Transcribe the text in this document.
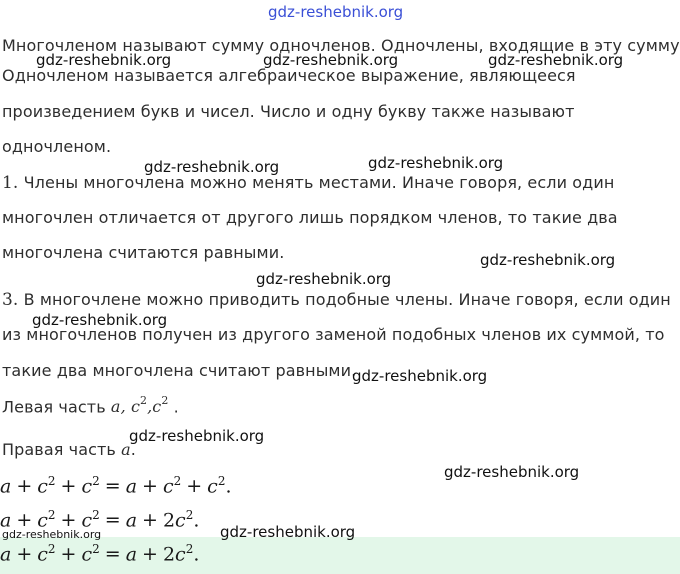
gdz-reshebnik.org
Многочленом называют сумму одночленов. Одночлены, входящие в эту сумму
Одночленом называется алгебраическое выражение, являющееся
произведением букв и чисел. Число и одну букву также называют
одночленом.
1. Члены многочлена можно менять местами. Иначе говоря, если один
многочлен отличается от другого лишь порядком членов, то такие два
многочлена считаются равными.
3. В многочлене можно приводить подобные члены. Иначе говоря, если один
из многочленов получен из другого заменой подобных членов их суммой, то
такие два многочлена считают равными.
Левая часть a, $c^2,c^2$ .
Правая часть a.
$a + c^2 + c^2 = a + c^2 + c^2$.
$a + c^2 + c^2 = a + 2c^2$.
$a + c^2 + c^2 = a + 2c^2$.
gdz-reshebnik.org	gdz-reshebnik.org	gdz-reshebnik.org
gdz-reshebnik.org	gdz-reshebnik.org
gdz-reshebnik.org
gdz-reshebnik.org
gdz-reshebnik.org
gdz-reshebnik.org
gdz-reshebnik.org
gdz-reshebnik.org
gdz-reshebnik.org
gdz-reshebnik.org
